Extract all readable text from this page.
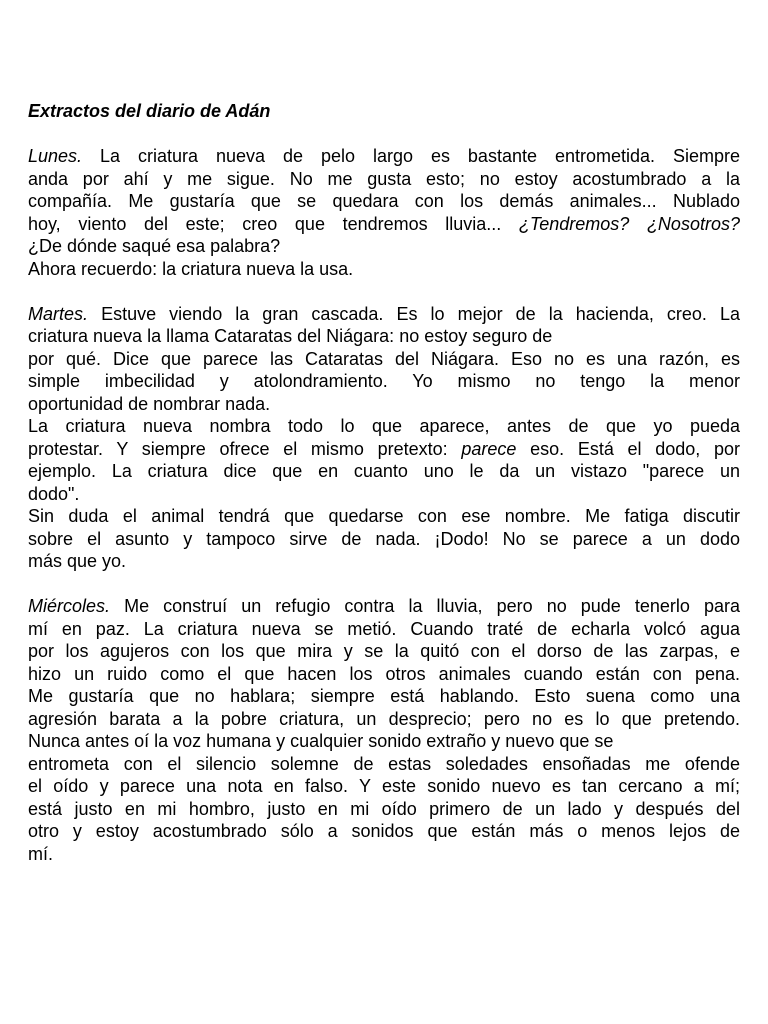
Extractos del diario de Adán
Lunes. La criatura nueva de pelo largo es bastante entrometida. Siempre
anda por ahí y me sigue. No me gusta esto; no estoy acostumbrado a la
compañía. Me gustaría que se quedara con los demás animales... Nublado
hoy, viento del este; creo que tendremos lluvia... ¿Tendremos? ¿Nosotros?
¿De dónde saqué esa palabra?
Ahora recuerdo: la criatura nueva la usa.
Martes. Estuve viendo la gran cascada. Es lo mejor de la hacienda, creo. La
criatura nueva la llama Cataratas del Niágara: no estoy seguro de
por qué. Dice que parece las Cataratas del Niágara. Eso no es una razón, es
simple imbecilidad y atolondramiento. Yo mismo no tengo la menor
oportunidad de nombrar nada.
La criatura nueva nombra todo lo que aparece, antes de que yo pueda
protestar. Y siempre ofrece el mismo pretexto: parece eso. Está el dodo, por
ejemplo. La criatura dice que en cuanto uno le da un vistazo "parece un
dodo".
Sin duda el animal tendrá que quedarse con ese nombre. Me fatiga discutir
sobre el asunto y tampoco sirve de nada. ¡Dodo! No se parece a un dodo
más que yo.
Miércoles. Me construí un refugio contra la lluvia, pero no pude tenerlo para
mí en paz. La criatura nueva se metió. Cuando traté de echarla volcó agua
por los agujeros con los que mira y se la quitó con el dorso de las zarpas, e
hizo un ruido como el que hacen los otros animales cuando están con pena.
Me gustaría que no hablara; siempre está hablando. Esto suena como una
agresión barata a la pobre criatura, un desprecio; pero no es lo que pretendo.
Nunca antes oí la voz humana y cualquier sonido extraño y nuevo que se
entrometa con el silencio solemne de estas soledades ensoñadas me ofende
el oído y parece una nota en falso. Y este sonido nuevo es tan cercano a mí;
está justo en mi hombro, justo en mi oído primero de un lado y después del
otro y estoy acostumbrado sólo a sonidos que están más o menos lejos de
mí.
